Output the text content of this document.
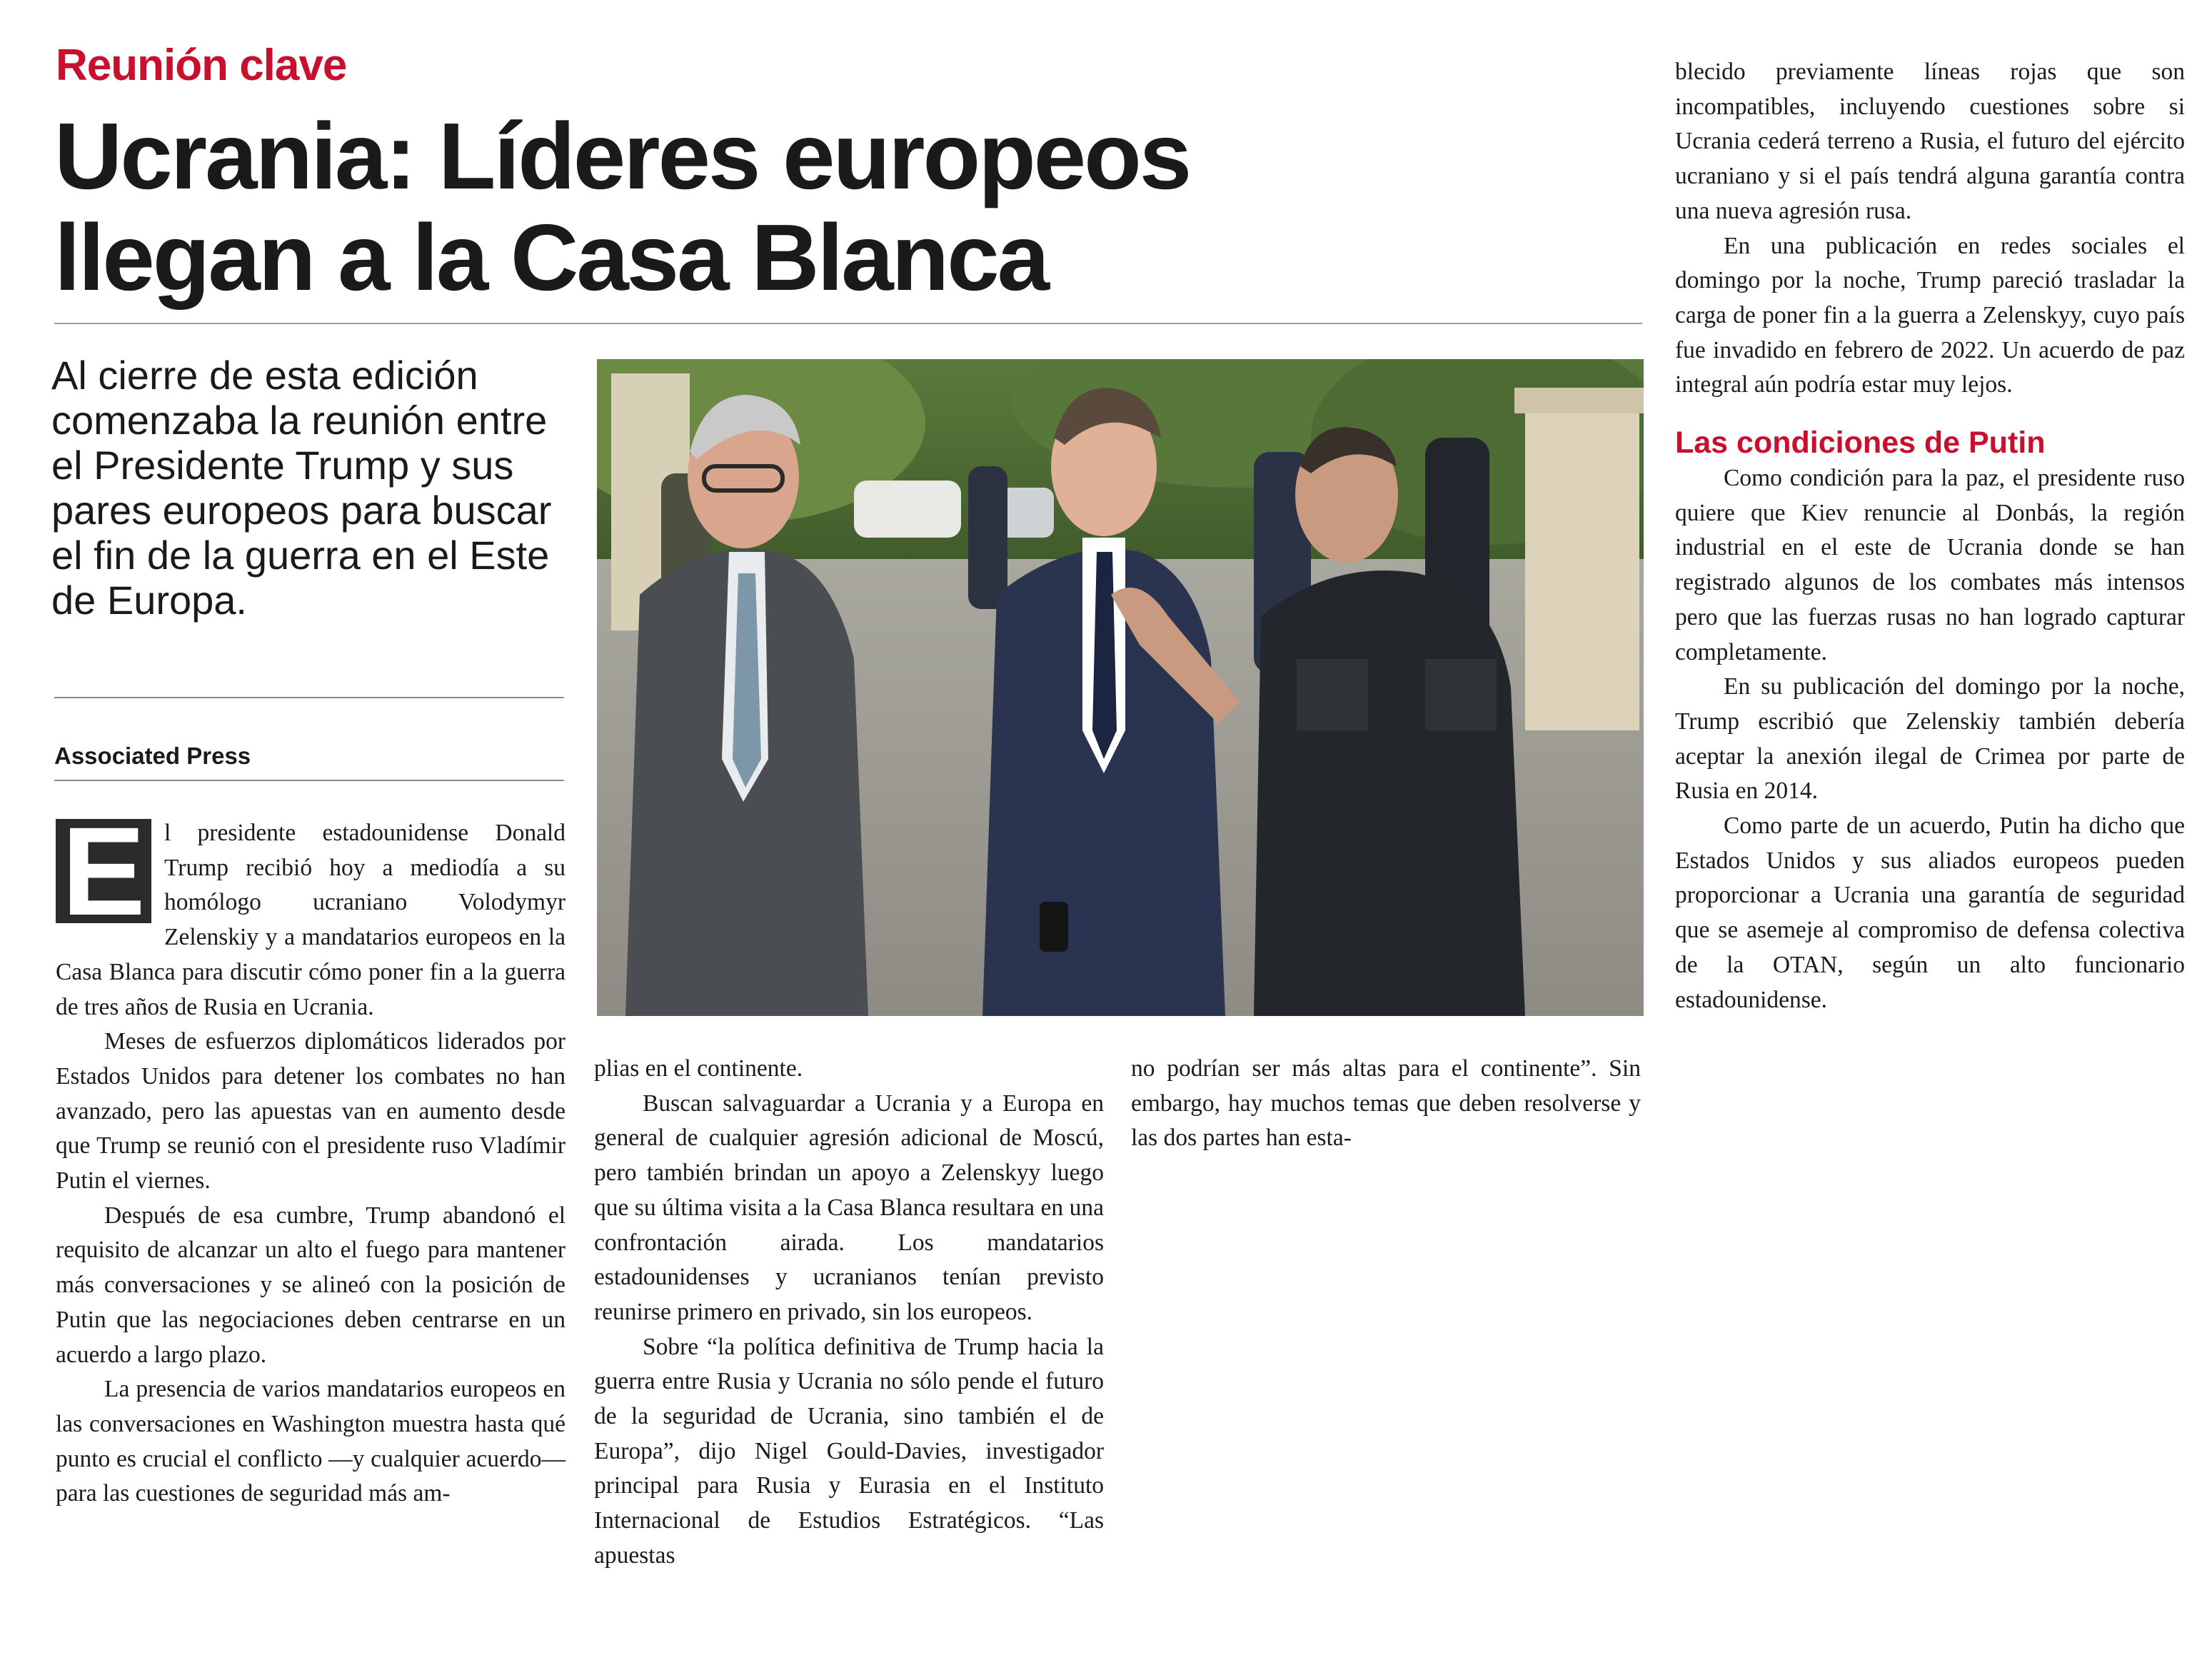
Reunión clave
Ucrania: Líderes europeos
llegan a la Casa Blanca

Al cierre de esta edición comenzaba la reunión entre el Presidente Trump y sus pares europeos para buscar el fin de la guerra en el Este de Europa.

Associated Press

E l presidente estadounidense Donald Trump recibió hoy a mediodía a su homólogo ucraniano Volodymyr Zelenskiy y a mandatarios europeos en la Casa Blanca para discutir cómo poner fin a la guerra de tres años de Rusia en Ucrania.

Meses de esfuerzos diplomáticos liderados por Estados Unidos para detener los combates no han avanzado, pero las apuestas van en aumento desde que Trump se reunió con el presidente ruso Vladímir Putin el viernes.

Después de esa cumbre, Trump abandonó el requisito de alcanzar un alto el fuego para mantener más conversaciones y se alineó con la posición de Putin que las negociaciones deben centrarse en un acuerdo a largo plazo.

La presencia de varios mandatarios europeos en las conversaciones en Washington muestra hasta qué punto es crucial el conflicto —y cualquier acuerdo— para las cuestiones de seguridad más am-

plias en el continente.

Buscan salvaguardar a Ucrania y a Europa en general de cualquier agresión adicional de Moscú, pero también brindan un apoyo a Zelenskyy luego que su última visita a la Casa Blanca resultara en una confrontación airada. Los mandatarios estadounidenses y ucranianos tenían previsto reunirse primero en privado, sin los europeos.

Sobre “la política definitiva de Trump hacia la guerra entre Rusia y Ucrania no sólo pende el futuro de la seguridad de Ucrania, sino también el de Europa”, dijo Nigel Gould-Davies, investigador principal para Rusia y Eurasia en el Instituto Internacional de Estudios Estratégicos. “Las apuestas

no podrían ser más altas para el continente”. Sin embargo, hay muchos temas que deben resolverse y las dos partes han esta-

blecido previamente líneas rojas que son incompatibles, incluyendo cuestiones sobre si Ucrania cederá terreno a Rusia, el futuro del ejército ucraniano y si el país tendrá alguna garantía contra una nueva agresión rusa.

En una publicación en redes sociales el domingo por la noche, Trump pareció trasladar la carga de poner fin a la guerra a Zelenskyy, cuyo país fue invadido en febrero de 2022. Un acuerdo de paz integral aún podría estar muy lejos.

Las condiciones de Putin

Como condición para la paz, el presidente ruso quiere que Kiev renuncie al Donbás, la región industrial en el este de Ucrania donde se han registrado algunos de los combates más intensos pero que las fuerzas rusas no han logrado capturar completamente.

En su publicación del domingo por la noche, Trump escribió que Zelenskiy también debería aceptar la anexión ilegal de Crimea por parte de Rusia en 2014.

Como parte de un acuerdo, Putin ha dicho que Estados Unidos y sus aliados europeos pueden proporcionar a Ucrania una garantía de seguridad que se asemeje al compromiso de defensa colectiva de la OTAN, según un alto funcionario estadounidense.
